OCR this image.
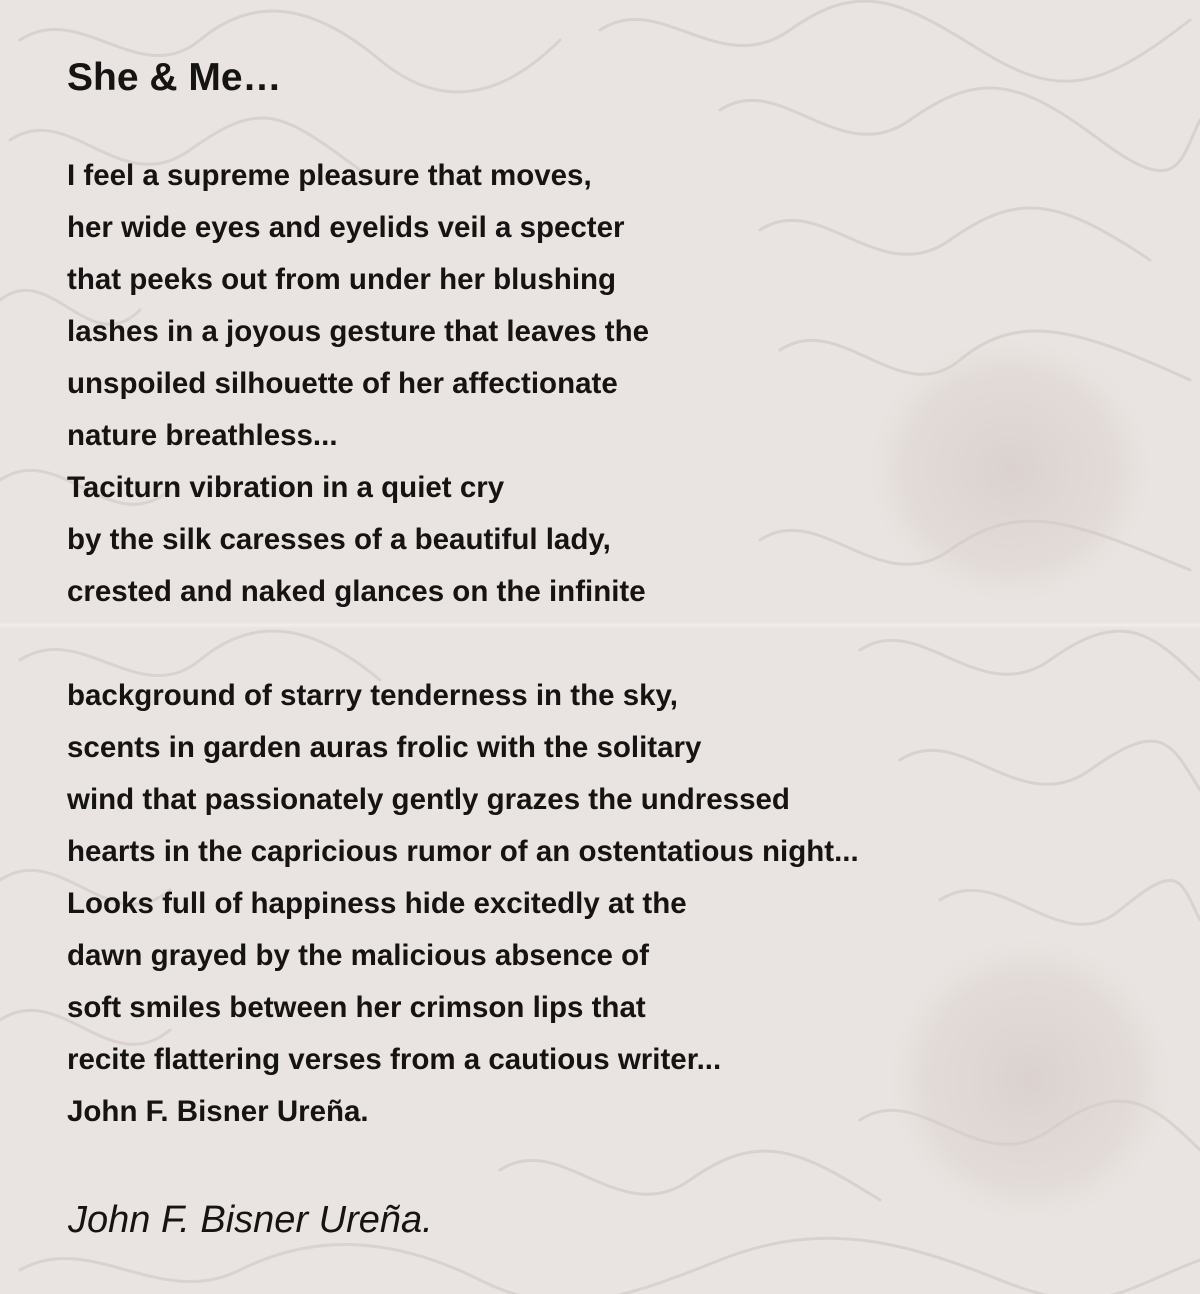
She & Me…
I feel a supreme pleasure that moves,
her wide eyes and eyelids veil a specter
that peeks out from under her blushing
lashes in a joyous gesture that leaves the
unspoiled silhouette of her affectionate
nature breathless...
Taciturn vibration in a quiet cry
by the silk caresses of a beautiful lady,
crested and naked glances on the infinite
background of starry tenderness in the sky,
scents in garden auras frolic with the solitary
wind that passionately gently grazes the undressed
hearts in the capricious rumor of an ostentatious night...
Looks full of happiness hide excitedly at the
dawn grayed by the malicious absence of
soft smiles between her crimson lips that
recite flattering verses from a cautious writer...
John F. Bisner Ureña.

John F. Bisner Ureña.
